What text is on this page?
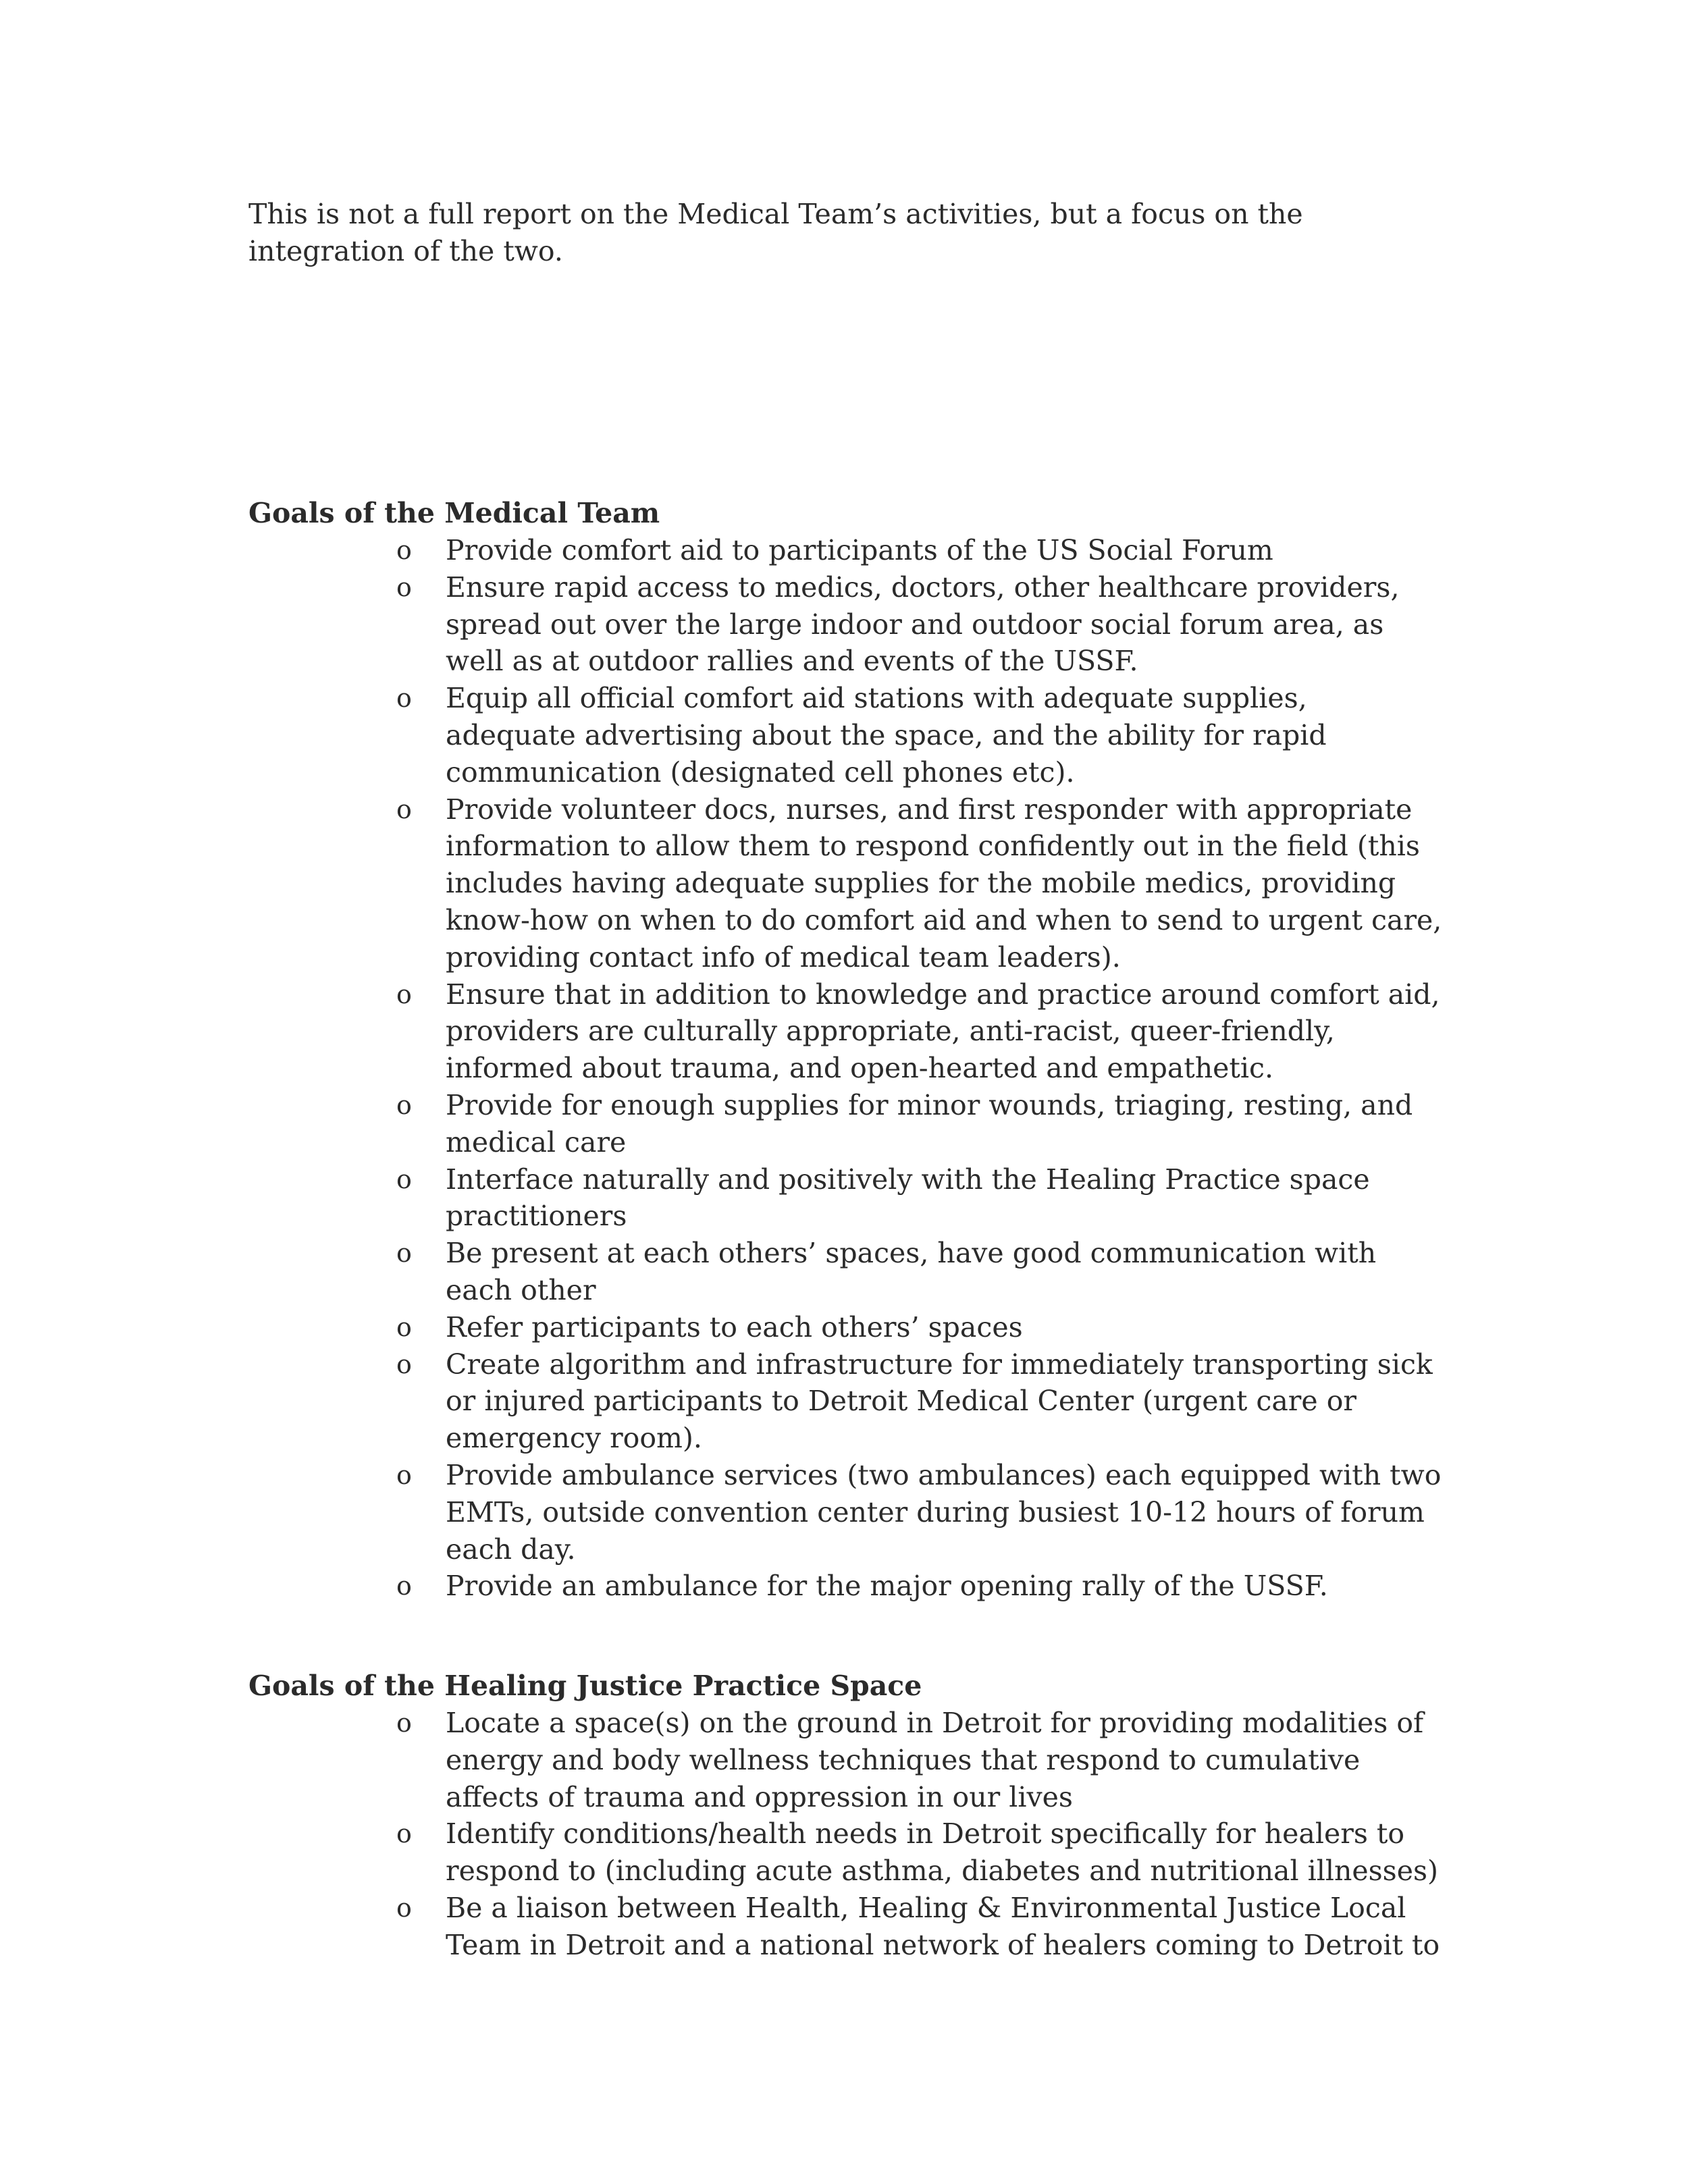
This is not a full report on the Medical Team’s activities, but a focus on the integration of the two.

Goals of the Medical Team
o Provide comfort aid to participants of the US Social Forum
o Ensure rapid access to medics, doctors, other healthcare providers, spread out over the large indoor and outdoor social forum area, as well as at outdoor rallies and events of the USSF.
o Equip all official comfort aid stations with adequate supplies, adequate advertising about the space, and the ability for rapid communication (designated cell phones etc).
o Provide volunteer docs, nurses, and first responder with appropriate information to allow them to respond confidently out in the field (this includes having adequate supplies for the mobile medics, providing know-how on when to do comfort aid and when to send to urgent care, providing contact info of medical team leaders).
o Ensure that in addition to knowledge and practice around comfort aid, providers are culturally appropriate, anti-racist, queer-friendly, informed about trauma, and open-hearted and empathetic.
o Provide for enough supplies for minor wounds, triaging, resting, and medical care
o Interface naturally and positively with the Healing Practice space practitioners
o Be present at each others’ spaces, have good communication with each other
o Refer participants to each others’ spaces
o Create algorithm and infrastructure for immediately transporting sick or injured participants to Detroit Medical Center (urgent care or emergency room).
o Provide ambulance services (two ambulances) each equipped with two EMTs, outside convention center during busiest 10-12 hours of forum each day.
o Provide an ambulance for the major opening rally of the USSF.
Goals of the Healing Justice Practice Space
o Locate a space(s) on the ground in Detroit for providing modalities of energy and body wellness techniques that respond to cumulative affects of trauma and oppression in our lives
o Identify conditions/health needs in Detroit specifically for healers to respond to (including acute asthma, diabetes and nutritional illnesses)
o Be a liaison between Health, Healing & Environmental Justice Local Team in Detroit and a national network of healers coming to Detroit to
